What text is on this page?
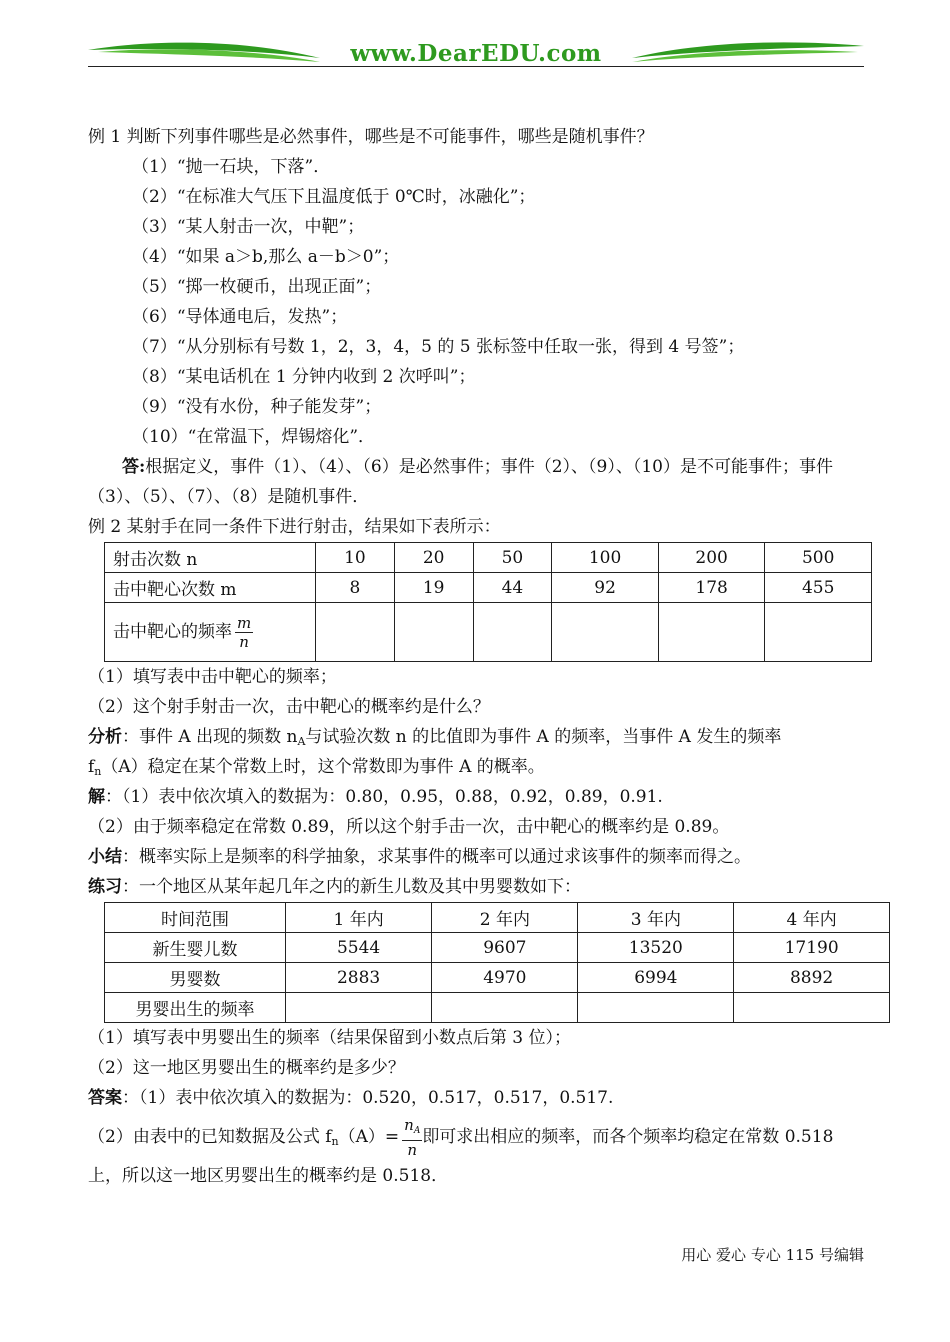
www.DearEDU.com
例 1 判断下列事件哪些是必然事件，哪些是不可能事件，哪些是随机事件？
（1）“抛一石块，下落”．
（2）“在标准大气压下且温度低于 0℃时，冰融化”；
（3）“某人射击一次，中靶”；
（4）“如果 a＞b,那么 a－b＞0”；
（5）“掷一枚硬币，出现正面”；
（6）“导体通电后，发热”；
（7）“从分别标有号数 1，2，3，4，5 的 5 张标签中任取一张，得到 4 号签”；
（8）“某电话机在 1 分钟内收到 2 次呼叫”；
（9）“没有水份，种子能发芽”；
（10）“在常温下，焊锡熔化”．
答:根据定义，事件（1）、（4）、（6）是必然事件；事件（2）、（9）、（10）是不可能事件；事件
（3）、（5）、（7）、（8）是随机事件．
例 2 某射手在同一条件下进行射击，结果如下表所示：
射击次数 n	10	20	50	100	200	500
击中靶心次数 m	8	19	44	92	178	455
击中靶心的频率 $\frac{m}{n}$

（1）填写表中击中靶心的频率；
（2）这个射手射击一次，击中靶心的概率约是什么？
分析：事件 A 出现的频数 $n_A$与试验次数 n 的比值即为事件 A 的频率，当事件 A 发生的频率
$f_n(A)$稳定在某个常数上时，这个常数即为事件 A 的概率。
解：（1）表中依次填入的数据为：0.80，0.95，0.88，0.92，0.89，0.91.
（2）由于频率稳定在常数 0.89，所以这个射手击一次，击中靶心的概率约是 0.89。
小结：概率实际上是频率的科学抽象，求某事件的概率可以通过求该事件的频率而得之。
练习：一个地区从某年起几年之内的新生儿数及其中男婴数如下：
时间范围	1 年内	2 年内	3 年内	4 年内
新生婴儿数	5544	9607	13520	17190
男婴数	2883	4970	6994	8892
男婴出生的频率				
（1）填写表中男婴出生的频率（结果保留到小数点后第 3 位）；
（2）这一地区男婴出生的概率约是多少？
答案：（1）表中依次填入的数据为：0.520，0.517，0.517，0.517.
（2）由表中的已知数据及公式 $f_n(A)= \frac{n_A}{n}$ 即可求出相应的频率，而各个频率均稳定在常数 0.518
上，所以这一地区男婴出生的概率约是 0.518．
用心 爱心 专心 115 号编辑
